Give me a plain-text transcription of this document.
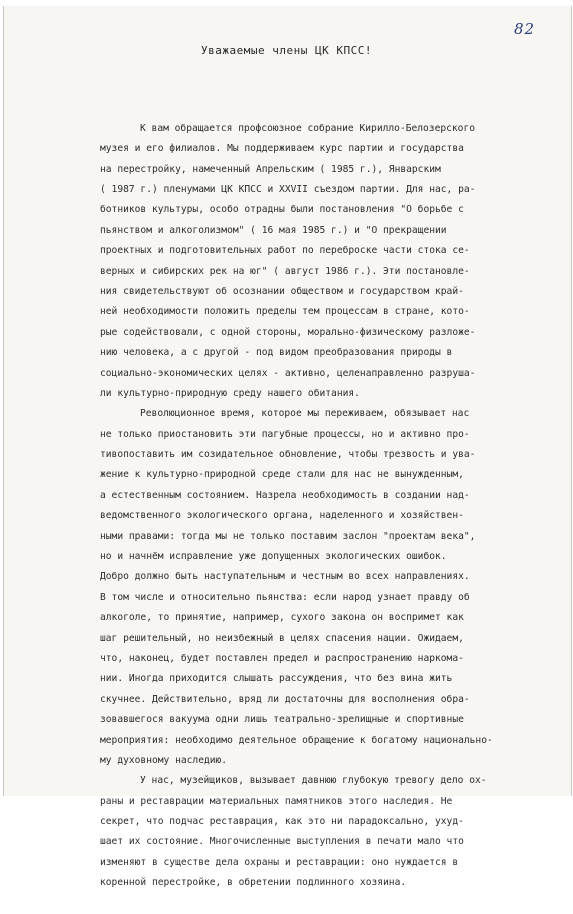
82
Уважаемые члены ЦК КПСС!

К вам обращается профсоюзное собрание Кирилло-Белозерского
музея и его филиалов. Мы поддерживаем курс партии и государства
на перестройку, намеченный Апрельским ( 1985 г.), Январским
( 1987 г.) пленумами ЦК КПСС и XXVII съездом партии. Для нас, ра-
ботников культуры, особо отрадны были постановления "О борьбе с
пьянством и алкоголизмом" ( 16 мая 1985 г.) и "О прекращении
проектных и подготовительных работ по переброске части стока се-
верных и сибирских рек на юг" ( август 1986 г.). Эти постановле-
ния свидетельствуют об осознании обществом и государством край-
ней необходимости положить пределы тем процессам в стране, кото-
рые содействовали, с одной стороны, морально-физическому разложе-
нию человека, а с другой - под видом преобразования природы в
социально-экономических целях - активно, целенаправленно разруша-
ли культурно-природную среду нашего обитания.
Революционное время, которое мы переживаем, обязывает нас
не только приостановить эти пагубные процессы, но и активно про-
тивопоставить им созидательное обновление, чтобы трезвость и ува-
жение к культурно-природной среде стали для нас не вынужденным,
а естественным состоянием. Назрела необходимость в создании над-
ведомственного экологического органа, наделенного и хозяйствен-
ными правами: тогда мы не только поставим заслон "проектам века",
но и начнём исправление уже допущенных экологических ошибок.
Добро должно быть наступательным и честным во всех направлениях.
В том числе и относительно пьянства: если народ узнает правду об
алкоголе, то принятие, например, сухого закона он воспримет как
шаг решительный, но неизбежный в целях спасения нации. Ожидаем,
что, наконец, будет поставлен предел и распространению наркома-
нии. Иногда приходится слышать рассуждения, что без вина жить
скучнее. Действительно, вряд ли достаточны для восполнения обра-
зовавшегося вакуума одни лишь театрально-зрелищные и спортивные
мероприятия: необходимо деятельное обращение к богатому национально-
му духовному наследию.
У нас, музейщиков, вызывает давнюю глубокую тревогу дело ох-
раны и реставрации материальных памятников этого наследия. Не
секрет, что подчас реставрация, как это ни парадоксально, ухуд-
шает их состояние. Многочисленные выступления в печати мало что
изменяют в существе дела охраны и реставрации: оно нуждается в
коренной перестройке, в обретении подлинного хозяина.
